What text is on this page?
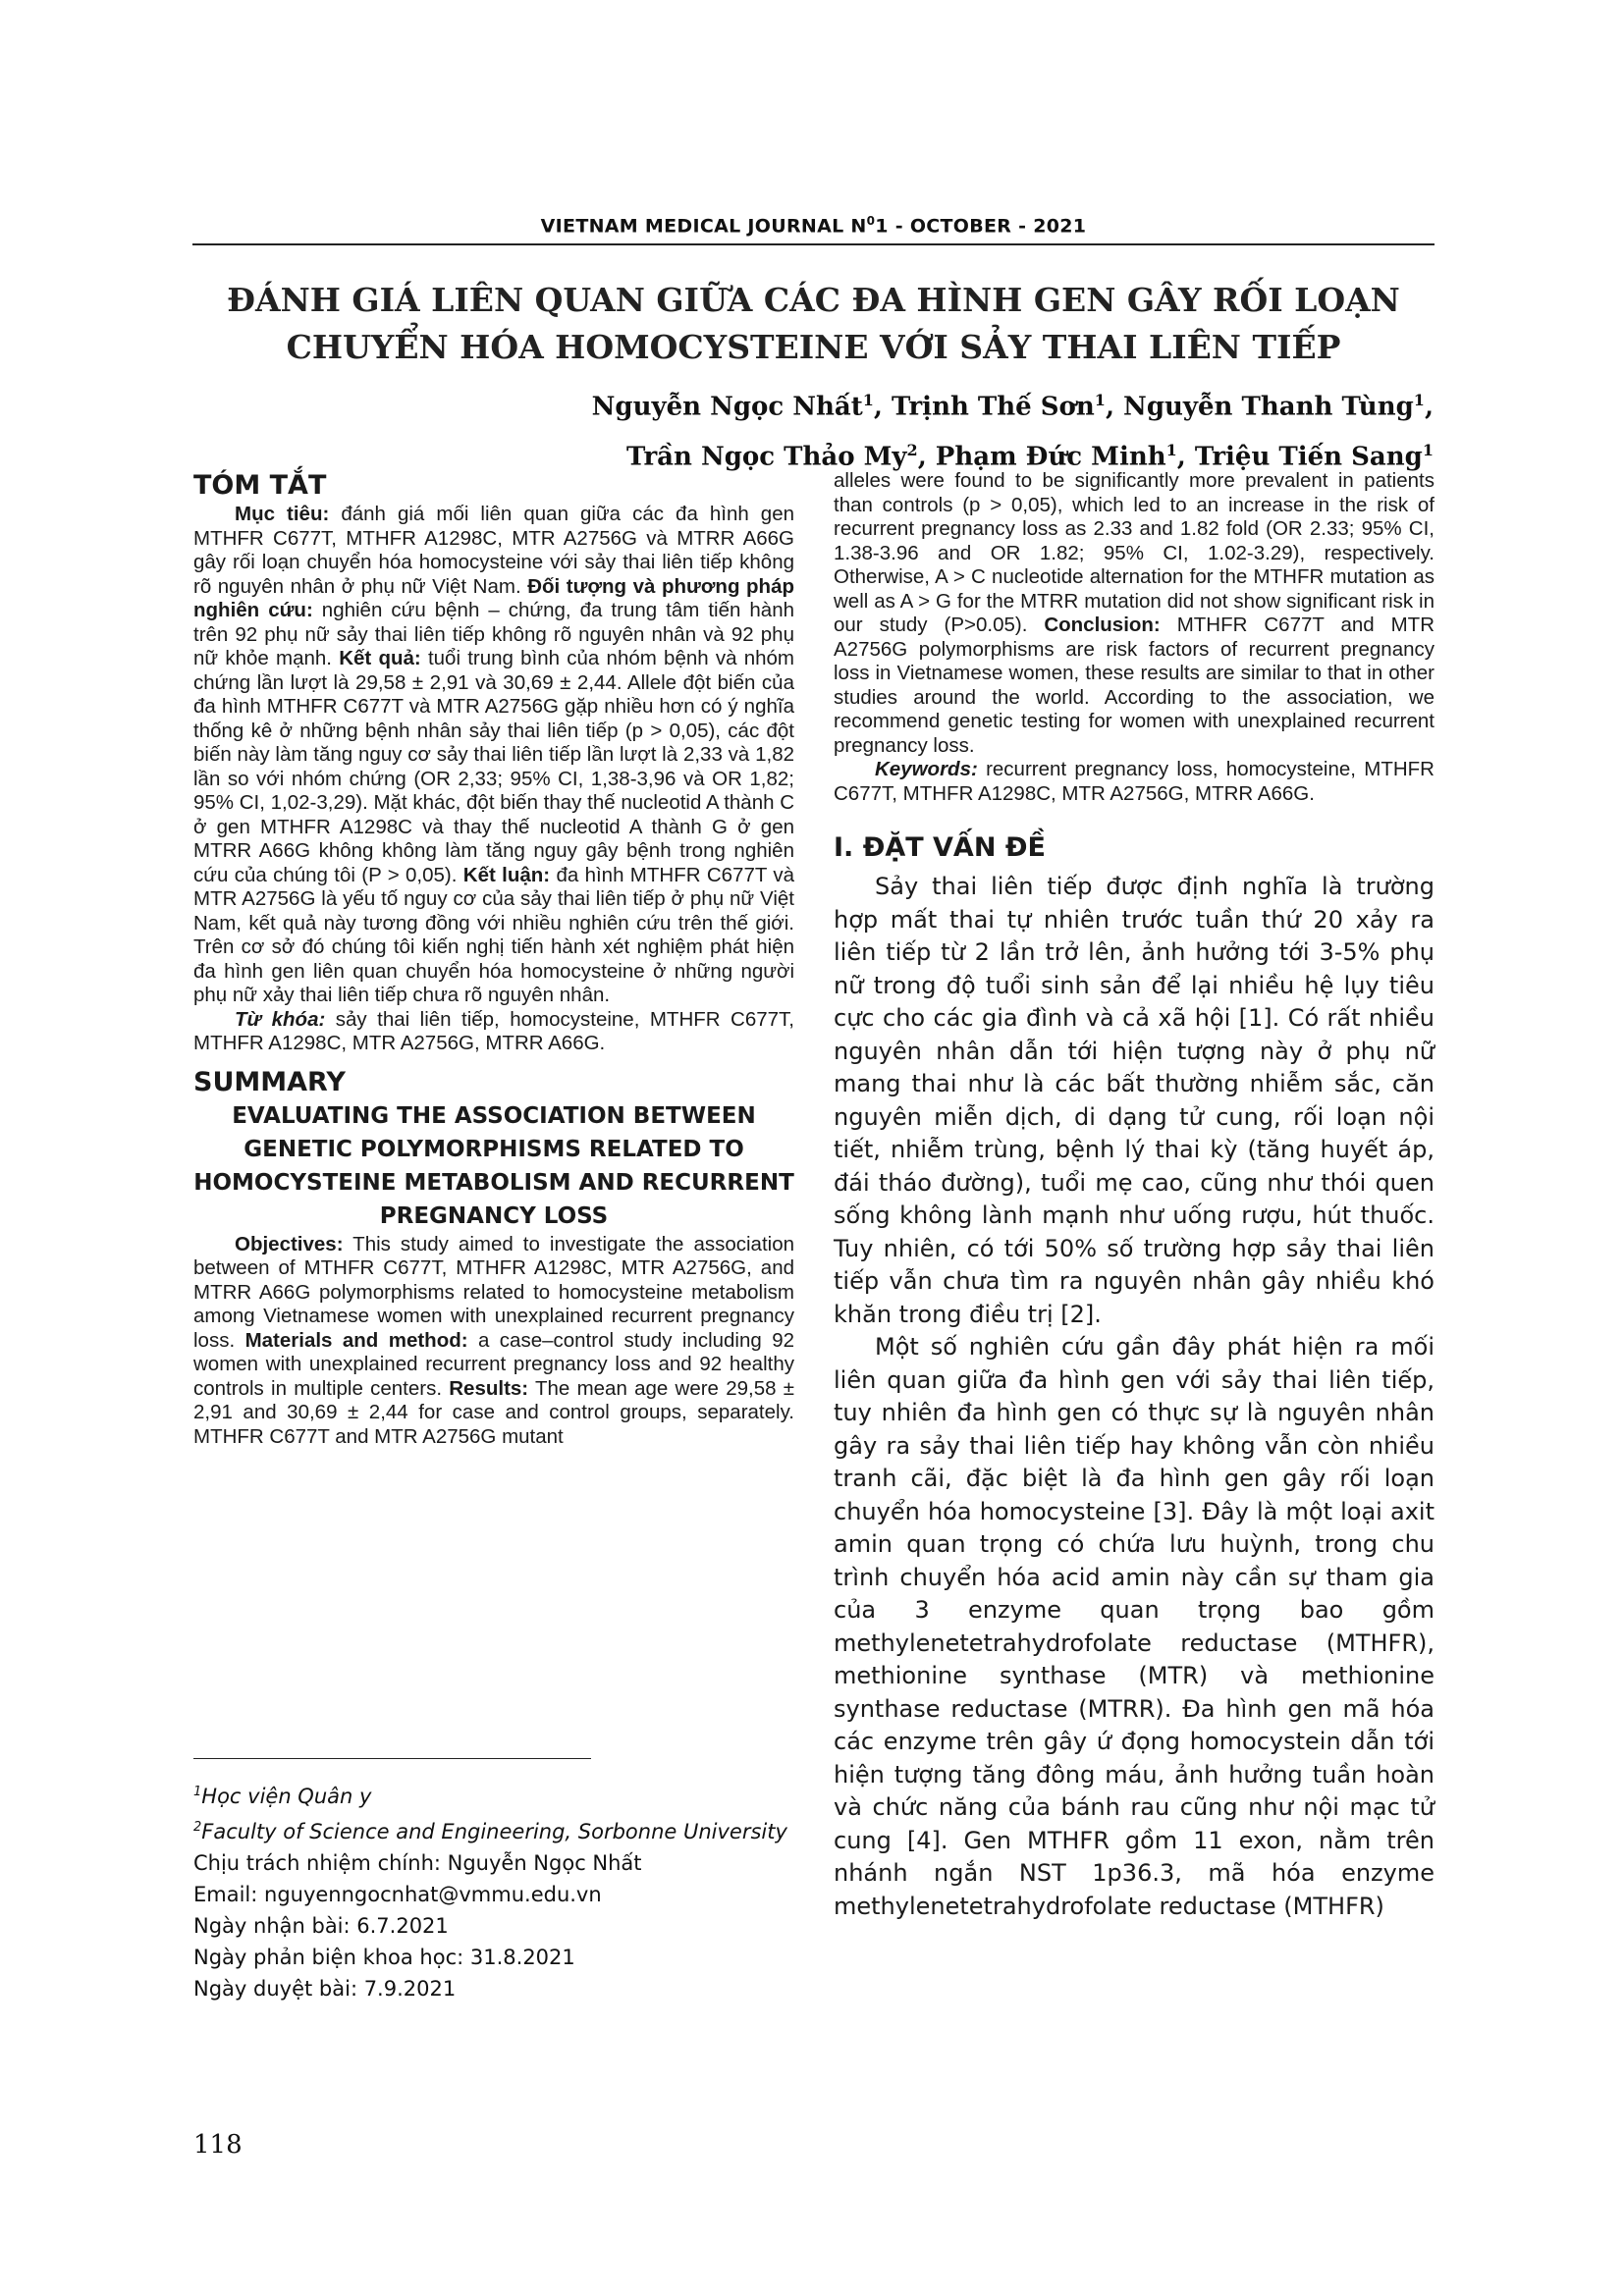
VIETNAM MEDICAL JOURNAL $N^01$ - OCTOBER - 2021
ĐÁNH GIÁ LIÊN QUAN GIỮA CÁC ĐA HÌNH GEN GÂY RỐI LOẠN
CHUYỂN HÓA HOMOCYSTEINE VỚI SẢY THAI LIÊN TIẾP
Nguyễn Ngọc Nhất$^1$, Trịnh Thế Sơn$^1$, Nguyễn Thanh Tùng$^1$,
Trần Ngọc Thảo My$^2$, Phạm Đức Minh$^1$, Triệu Tiến Sang$^1$
TÓM TẮT

Mục tiêu: đánh giá mối liên quan giữa các đa hình gen MTHFR C677T, MTHFR A1298C, MTR A2756G và MTRR A66G gây rối loạn chuyển hóa homocysteine với sảy thai liên tiếp không rõ nguyên nhân ở phụ nữ Việt Nam. Đối tượng và phương pháp nghiên cứu: nghiên cứu bệnh – chứng, đa trung tâm tiến hành trên 92 phụ nữ sảy thai liên tiếp không rõ nguyên nhân và 92 phụ nữ khỏe mạnh. Kết quả: tuổi trung bình của nhóm bệnh và nhóm chứng lần lượt là 29,58 ± 2,91 và 30,69 ± 2,44. Allele đột biến của đa hình MTHFR C677T và MTR A2756G gặp nhiều hơn có ý nghĩa thống kê ở những bệnh nhân sảy thai liên tiếp (p > 0,05), các đột biến này làm tăng nguy cơ sảy thai liên tiếp lần lượt là 2,33 và 1,82 lần so với nhóm chứng (OR 2,33; 95% CI, 1,38-3,96 và OR 1,82; 95% CI, 1,02-3,29). Mặt khác, đột biến thay thế nucleotid A thành C ở gen MTHFR A1298C và thay thế nucleotid A thành G ở gen MTRR A66G không không làm tăng nguy gây bệnh trong nghiên cứu của chúng tôi (P > 0,05). Kết luận: đa hình MTHFR C677T và MTR A2756G là yếu tố nguy cơ của sảy thai liên tiếp ở phụ nữ Việt Nam, kết quả này tương đồng với nhiều nghiên cứu trên thế giới. Trên cơ sở đó chúng tôi kiến nghị tiến hành xét nghiệm phát hiện đa hình gen liên quan chuyển hóa homocysteine ở những người phụ nữ xảy thai liên tiếp chưa rõ nguyên nhân.

Từ khóa: sảy thai liên tiếp, homocysteine, MTHFR C677T, MTHFR A1298C, MTR A2756G, MTRR A66G.

SUMMARY

EVALUATING THE ASSOCIATION BETWEEN GENETIC POLYMORPHISMS RELATED TO HOMOCYSTEINE METABOLISM AND RECURRENT PREGNANCY LOSS

Objectives: This study aimed to investigate the association between of MTHFR C677T, MTHFR A1298C, MTR A2756G, and MTRR A66G polymorphisms related to homocysteine metabolism among Vietnamese women with unexplained recurrent pregnancy loss. Materials and method: a case–control study including 92 women with unexplained recurrent pregnancy loss and 92 healthy controls in multiple centers. Results: The mean age were 29,58 ± 2,91 and 30,69 ± 2,44 for case and control groups, separately. MTHFR C677T and MTR A2756G mutant

alleles were found to be significantly more prevalent in patients than controls (p > 0,05), which led to an increase in the risk of recurrent pregnancy loss as 2.33 and 1.82 fold (OR 2.33; 95% CI, 1.38-3.96 and OR 1.82; 95% CI, 1.02-3.29), respectively. Otherwise, A > C nucleotide alternation for the MTHFR mutation as well as A > G for the MTRR mutation did not show significant risk in our study (P>0.05). Conclusion: MTHFR C677T and MTR A2756G polymorphisms are risk factors of recurrent pregnancy loss in Vietnamese women, these results are similar to that in other studies around the world. According to the association, we recommend genetic testing for women with unexplained recurrent pregnancy loss.

Keywords: recurrent pregnancy loss, homocysteine, MTHFR C677T, MTHFR A1298C, MTR A2756G, MTRR A66G.

I. ĐẶT VẤN ĐỀ

Sảy thai liên tiếp được định nghĩa là trường hợp mất thai tự nhiên trước tuần thứ 20 xảy ra liên tiếp từ 2 lần trở lên, ảnh hưởng tới 3-5% phụ nữ trong độ tuổi sinh sản để lại nhiều hệ lụy tiêu cực cho các gia đình và cả xã hội [1]. Có rất nhiều nguyên nhân dẫn tới hiện tượng này ở phụ nữ mang thai như là các bất thường nhiễm sắc, căn nguyên miễn dịch, di dạng tử cung, rối loạn nội tiết, nhiễm trùng, bệnh lý thai kỳ (tăng huyết áp, đái tháo đường), tuổi mẹ cao, cũng như thói quen sống không lành mạnh như uống rượu, hút thuốc. Tuy nhiên, có tới 50% số trường hợp sảy thai liên tiếp vẫn chưa tìm ra nguyên nhân gây nhiều khó khăn trong điều trị [2].

Một số nghiên cứu gần đây phát hiện ra mối liên quan giữa đa hình gen với sảy thai liên tiếp, tuy nhiên đa hình gen có thực sự là nguyên nhân gây ra sảy thai liên tiếp hay không vẫn còn nhiều tranh cãi, đặc biệt là đa hình gen gây rối loạn chuyển hóa homocysteine [3]. Đây là một loại axit amin quan trọng có chứa lưu huỳnh, trong chu trình chuyển hóa acid amin này cần sự tham gia của 3 enzyme quan trọng bao gồm methylenetetrahydrofolate reductase (MTHFR), methionine synthase (MTR) và methionine synthase reductase (MTRR). Đa hình gen mã hóa các enzyme trên gây ứ đọng homocystein dẫn tới hiện tượng tăng đông máu, ảnh hưởng tuần hoàn và chức năng của bánh rau cũng như nội mạc tử cung [4]. Gen MTHFR gồm 11 exon, nằm trên nhánh ngắn NST 1p36.3, mã hóa enzyme methylenetetrahydrofolate reductase (MTHFR)

$^1$Học viện Quân y
$^2$Faculty of Science and Engineering, Sorbonne University
Chịu trách nhiệm chính: Nguyễn Ngọc Nhất
Email: nguyenngocnhat@vmmu.edu.vn
Ngày nhận bài: 6.7.2021
Ngày phản biện khoa học: 31.8.2021
Ngày duyệt bài: 7.9.2021
118
